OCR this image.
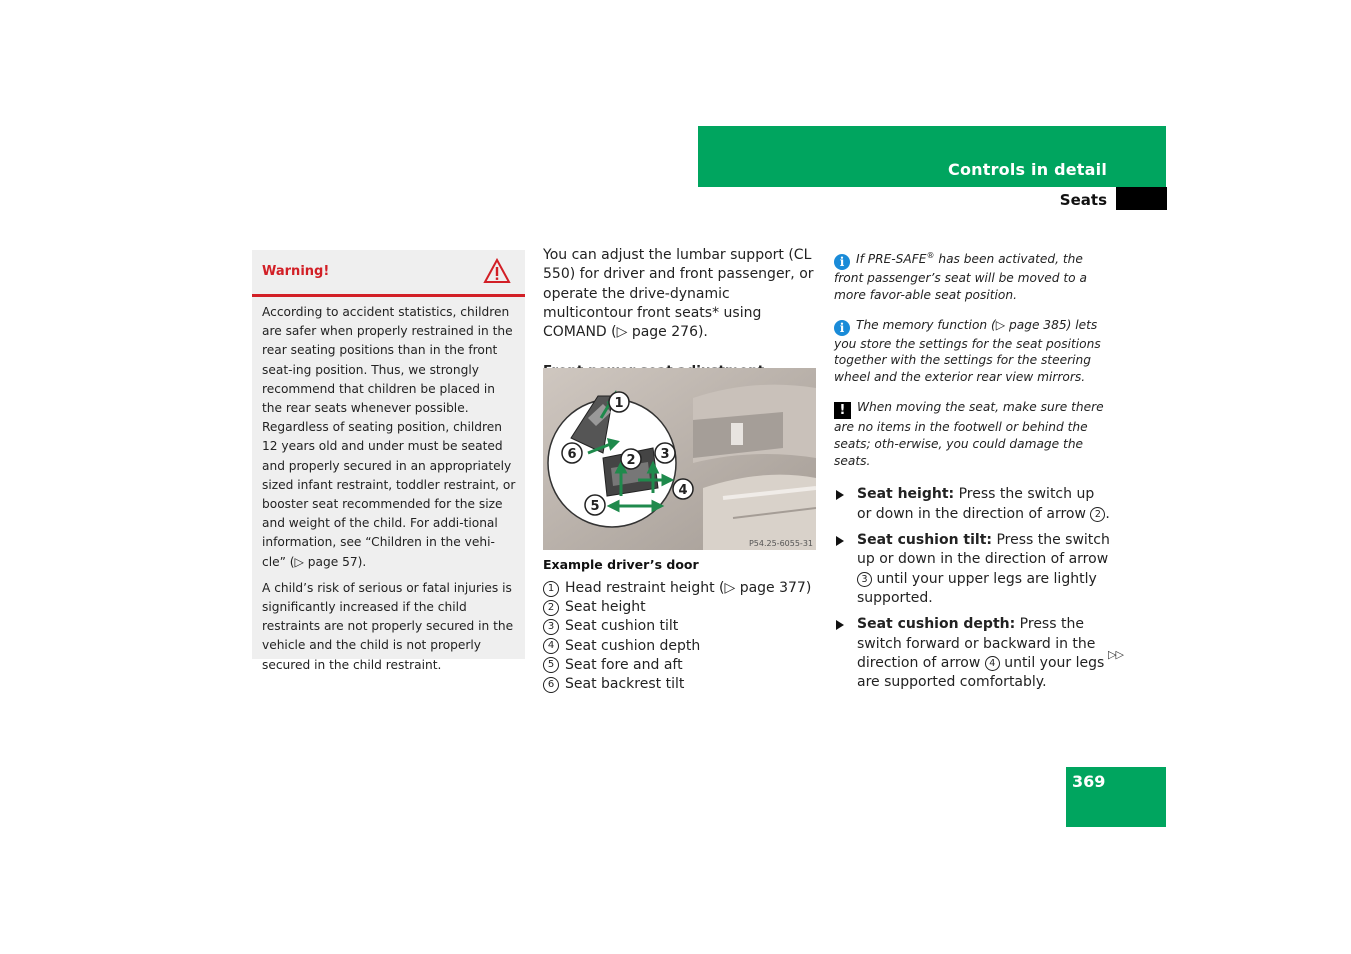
Controls in detail
Seats
Warning!

According to accident statistics, children are safer when properly restrained in the rear seating positions than in the front seat-ing position. Thus, we strongly recommend that children be placed in the rear seats whenever possible. Regardless of seating position, children 12 years old and under must be seated and properly secured in an appropriately sized infant restraint, toddler restraint, or booster seat recommended for the size and weight of the child. For addi-tional information, see “Children in the vehi-cle” (▷ page 57).

A child’s risk of serious or fatal injuries is significantly increased if the child restraints are not properly secured in the vehicle and the child is not properly secured in the child restraint.

You can adjust the lumbar support (CL 550) for driver and front passenger, or operate the drive-dynamic multicontour front seats* using COMAND (▷ page 276).

1
2 3
4
5
6
P54.25-6055-31
Example driver’s door
1 Head restraint height (▷ page 377)
2 Seat height
3 Seat cushion tilt
4 Seat cushion depth
5 Seat fore and aft
6 Seat backrest tilt
i If PRE-SAFE® has been activated, the front passenger’s seat will be moved to a more favor-able seat position.
i The memory function (▷ page 385) lets you store the settings for the seat positions together with the settings for the steering wheel and the exterior rear view mirrors.
! When moving the seat, make sure there are no items in the footwell or behind the seats; oth-erwise, you could damage the seats.
Seat height: Press the switch up or down in the direction of arrow 2 .
Seat cushion tilt: Press the switch up or down in the direction of arrow 3 until your upper legs are lightly supported.
Seat cushion depth: Press the switch forward or backward in the direction of arrow 4 until your legs are supported comfortably.
▷▷
369
